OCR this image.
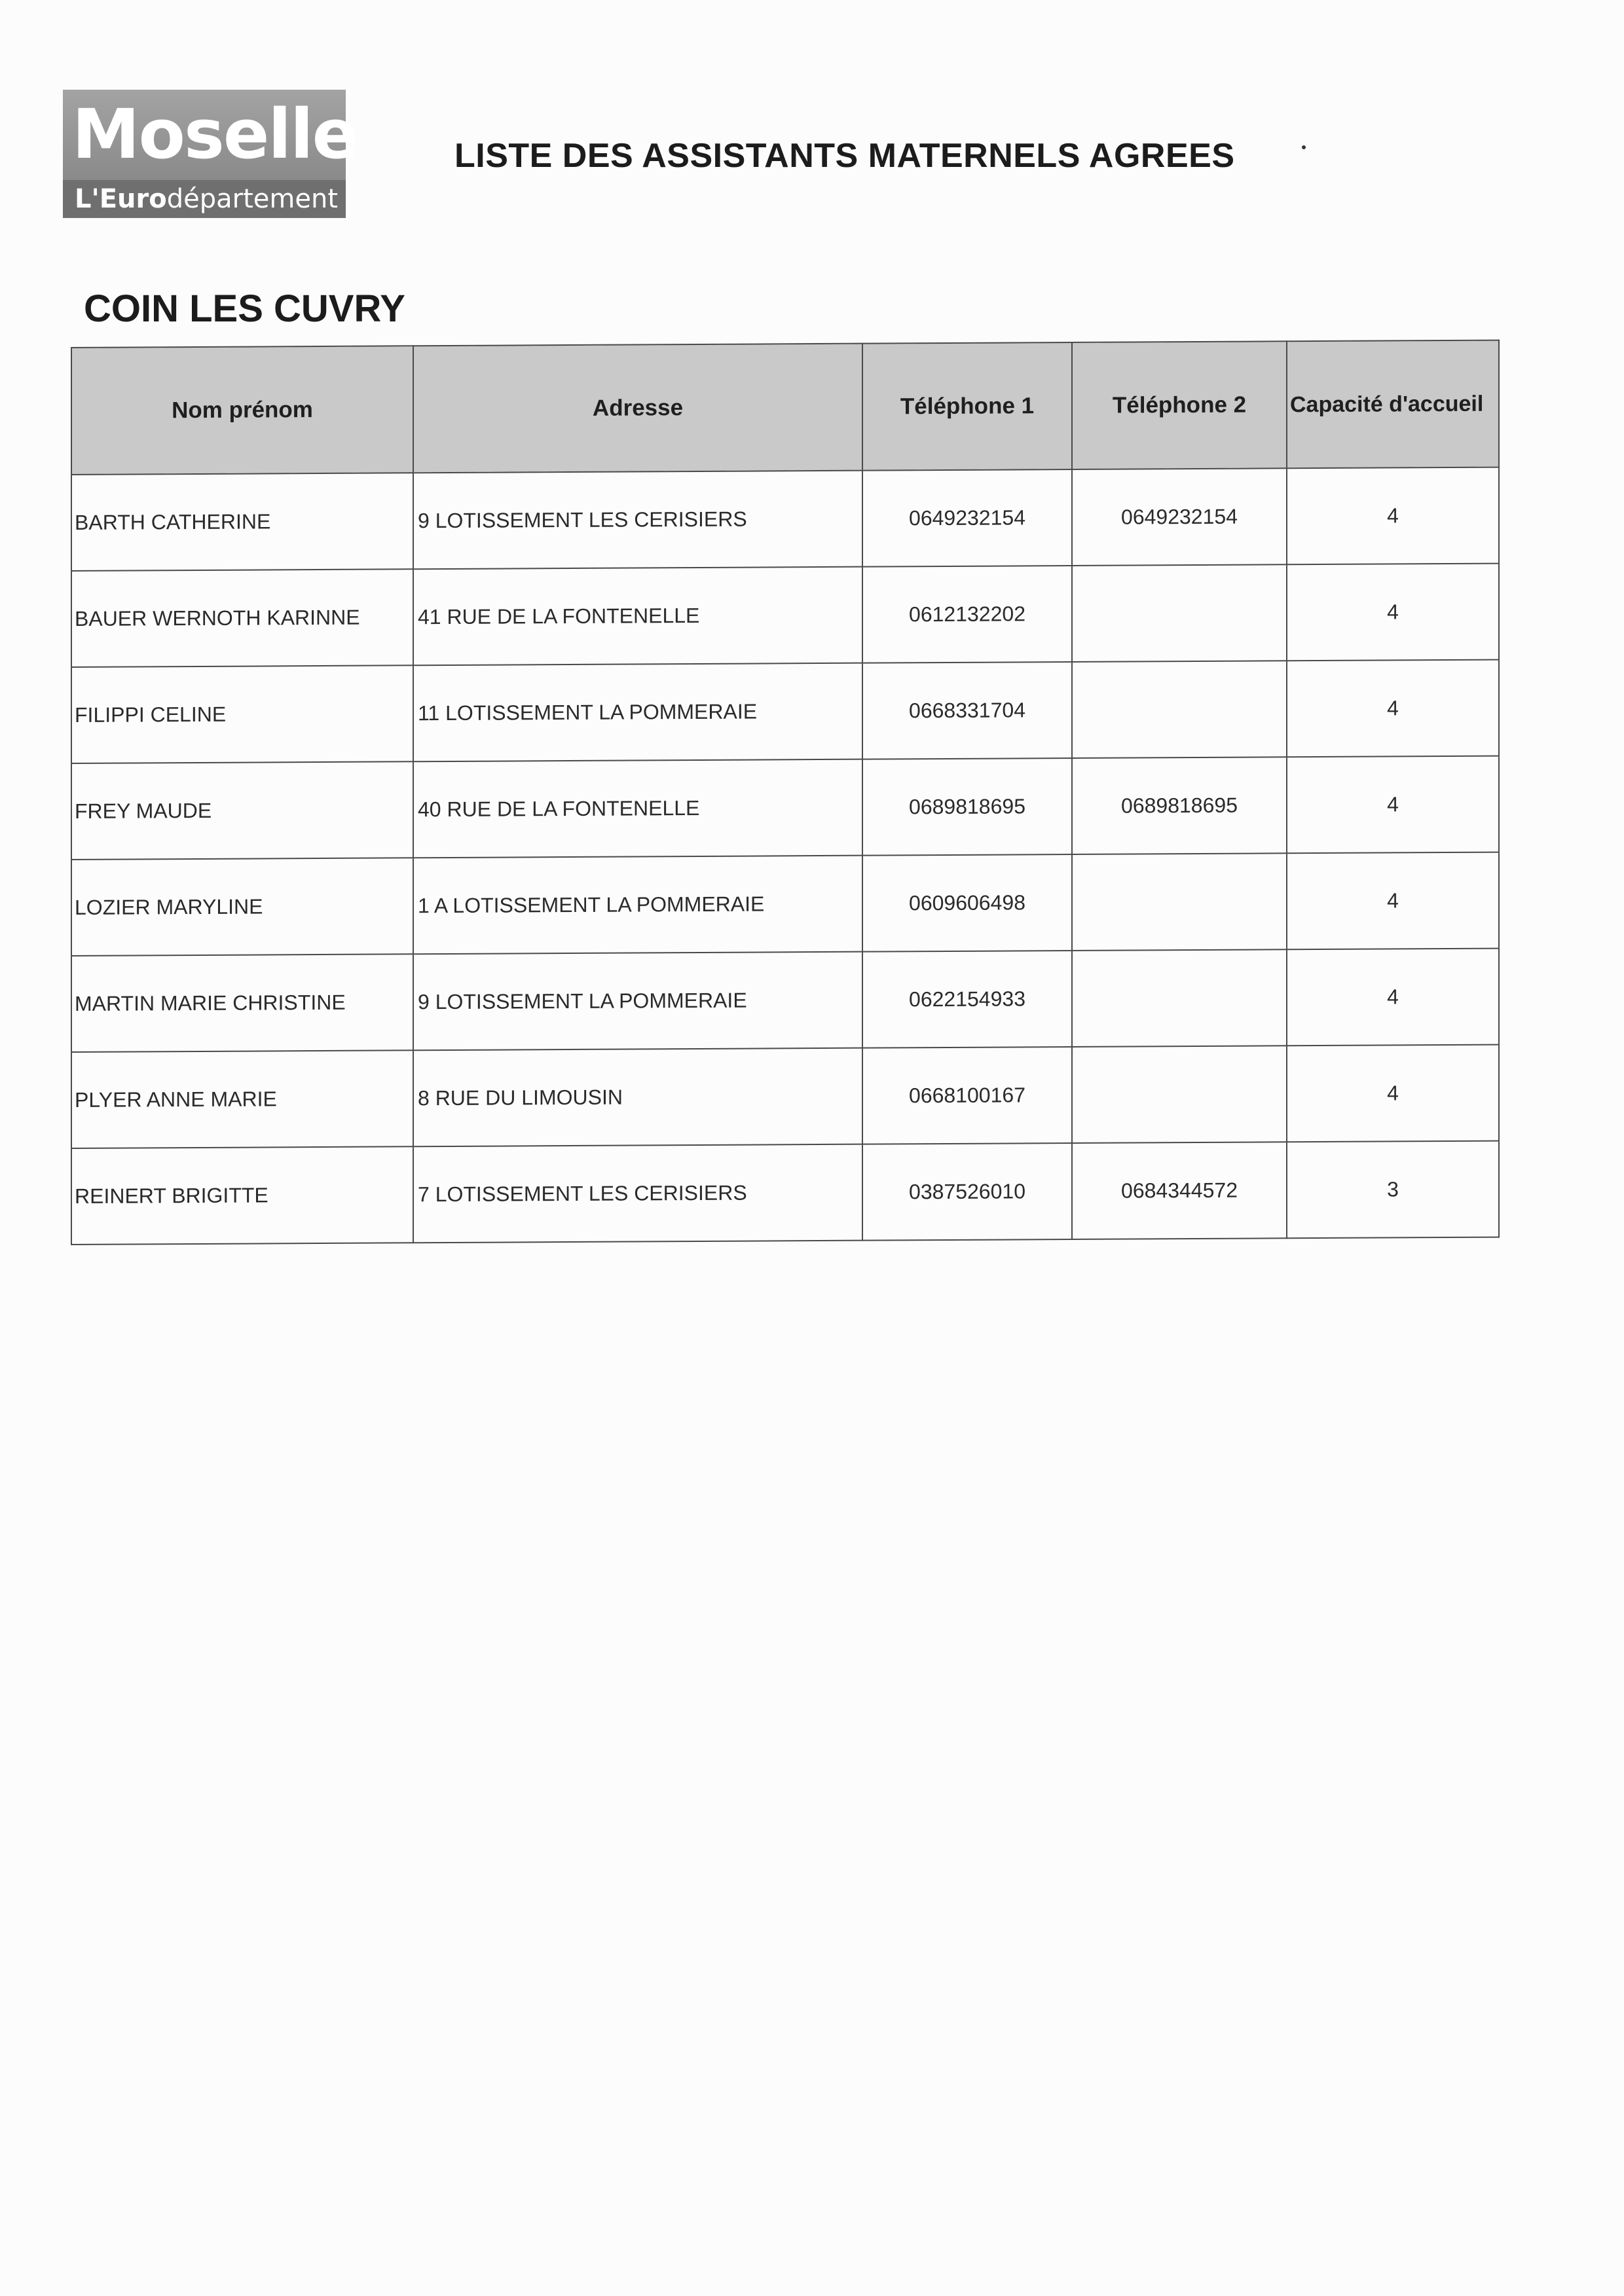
Moselle
L'Eurodépartement
LISTE DES ASSISTANTS MATERNELS AGREES
COIN LES CUVRY
Nom prénom	Adresse	Téléphone 1	Téléphone 2	Capacité d'accueil
BARTH CATHERINE	9 LOTISSEMENT LES CERISIERS	0649232154	0649232154	4
BAUER WERNOTH KARINNE	41 RUE DE LA FONTENELLE	0612132202		4
FILIPPI CELINE	11 LOTISSEMENT LA POMMERAIE	0668331704		4
FREY MAUDE	40 RUE DE LA FONTENELLE	0689818695	0689818695	4
LOZIER MARYLINE	1 A LOTISSEMENT LA POMMERAIE	0609606498		4
MARTIN MARIE CHRISTINE	9 LOTISSEMENT LA POMMERAIE	0622154933		4
PLYER ANNE MARIE	8 RUE DU LIMOUSIN	0668100167		4
REINERT BRIGITTE	7 LOTISSEMENT LES CERISIERS	0387526010	0684344572	3
